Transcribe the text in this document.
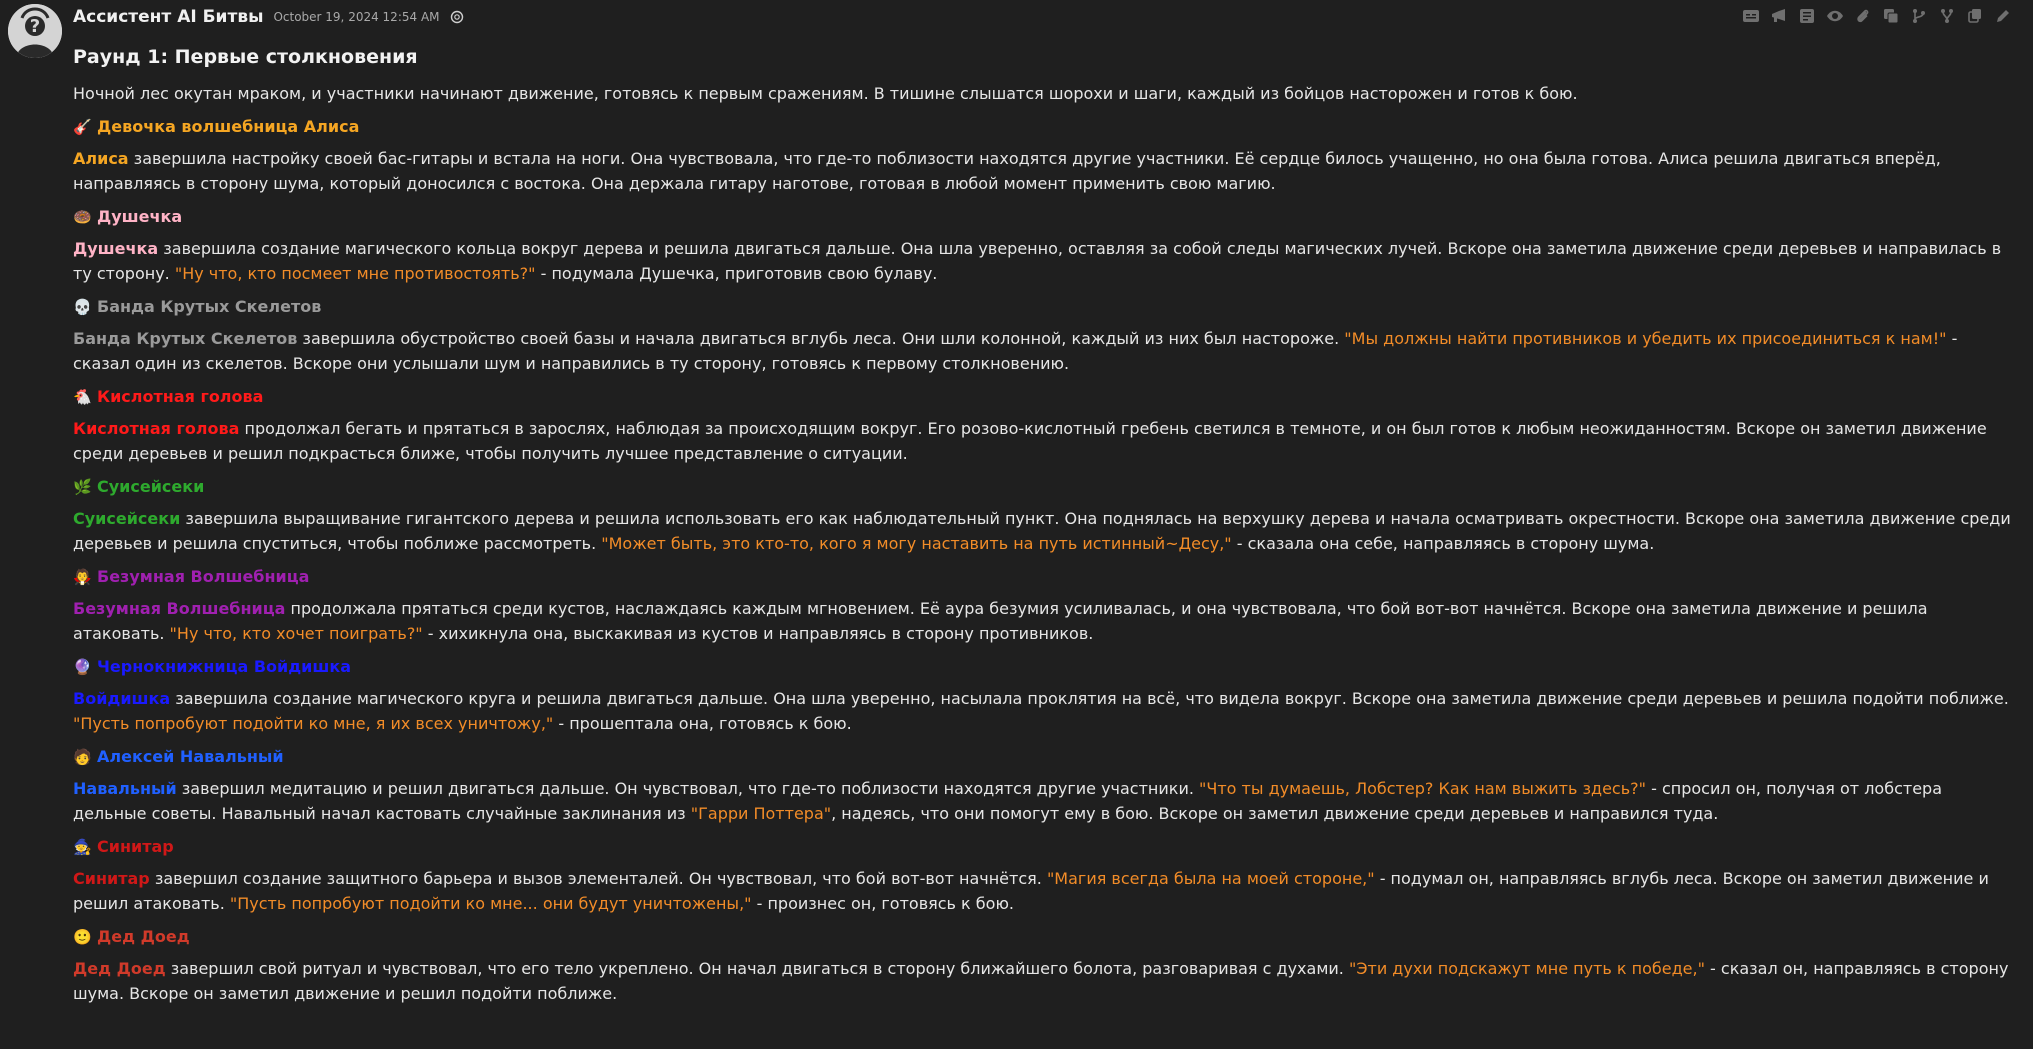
? Ассистент AI Битвы October 19, 2024 12:54 AM
Раунд 1: Первые столкновения

Ночной лес окутан мраком, и участники начинают движение, готовясь к первым сражениям. В тишине слышатся шорохи и шаги, каждый из бойцов насторожен и готов к бою.

🎸 Девочка волшебница Алиса
Алиса завершила настройку своей бас-гитары и встала на ноги. Она чувствовала, что где-то поблизости находятся другие участники. Её сердце билось учащенно, но она была готова. Алиса решила двигаться вперёд, направляясь в сторону шума, который доносился с востока. Она держала гитару наготове, готовая в любой момент применить свою магию.
🍩 Душечка
Душечка завершила создание магического кольца вокруг дерева и решила двигаться дальше. Она шла уверенно, оставляя за собой следы магических лучей. Вскоре она заметила движение среди деревьев и направилась в ту сторону. "Ну что, кто посмеет мне противостоять?" - подумала Душечка, приготовив свою булаву.
💀 Банда Крутых Скелетов
Банда Крутых Скелетов завершила обустройство своей базы и начала двигаться вглубь леса. Они шли колонной, каждый из них был настороже. "Мы должны найти противников и убедить их присоединиться к нам!" - сказал один из скелетов. Вскоре они услышали шум и направились в ту сторону, готовясь к первому столкновению.
🐔 Кислотная голова
Кислотная голова продолжал бегать и прятаться в зарослях, наблюдая за происходящим вокруг. Его розово-кислотный гребень светился в темноте, и он был готов к любым неожиданностям. Вскоре он заметил движение среди деревьев и решил подкрасться ближе, чтобы получить лучшее представление о ситуации.
🌿 Суисейсеки
Суисейсеки завершила выращивание гигантского дерева и решила использовать его как наблюдательный пункт. Она поднялась на верхушку дерева и начала осматривать окрестности. Вскоре она заметила движение среди деревьев и решила спуститься, чтобы поближе рассмотреть. "Может быть, это кто-то, кого я могу наставить на путь истинный~Десу," - сказала она себе, направляясь в сторону шума.
🧛 Безумная Волшебница
Безумная Волшебница продолжала прятаться среди кустов, наслаждаясь каждым мгновением. Её аура безумия усиливалась, и она чувствовала, что бой вот-вот начнётся. Вскоре она заметила движение и решила атаковать. "Ну что, кто хочет поиграть?" - хихикнула она, выскакивая из кустов и направляясь в сторону противников.
🔮 Чернокнижница Войдишка
Войдишка завершила создание магического круга и решила двигаться дальше. Она шла уверенно, насылала проклятия на всё, что видела вокруг. Вскоре она заметила движение среди деревьев и решила подойти поближе. "Пусть попробуют подойти ко мне, я их всех уничтожу," - прошептала она, готовясь к бою.
🧑 Алексей Навальный
Навальный завершил медитацию и решил двигаться дальше. Он чувствовал, что где-то поблизости находятся другие участники. "Что ты думаешь, Лобстер? Как нам выжить здесь?" - спросил он, получая от лобстера дельные советы. Навальный начал кастовать случайные заклинания из "Гарри Поттера", надеясь, что они помогут ему в бою. Вскоре он заметил движение среди деревьев и направился туда.
🧙 Синитар
Синитар завершил создание защитного барьера и вызов элементалей. Он чувствовал, что бой вот-вот начнётся. "Магия всегда была на моей стороне," - подумал он, направляясь вглубь леса. Вскоре он заметил движение и решил атаковать. "Пусть попробуют подойти ко мне... они будут уничтожены," - произнес он, готовясь к бою.
🙂 Дед Доед
Дед Доед завершил свой ритуал и чувствовал, что его тело укреплено. Он начал двигаться в сторону ближайшего болота, разговаривая с духами. "Эти духи подскажут мне путь к победе," - сказал он, направляясь в сторону шума. Вскоре он заметил движение и решил подойти поближе.
